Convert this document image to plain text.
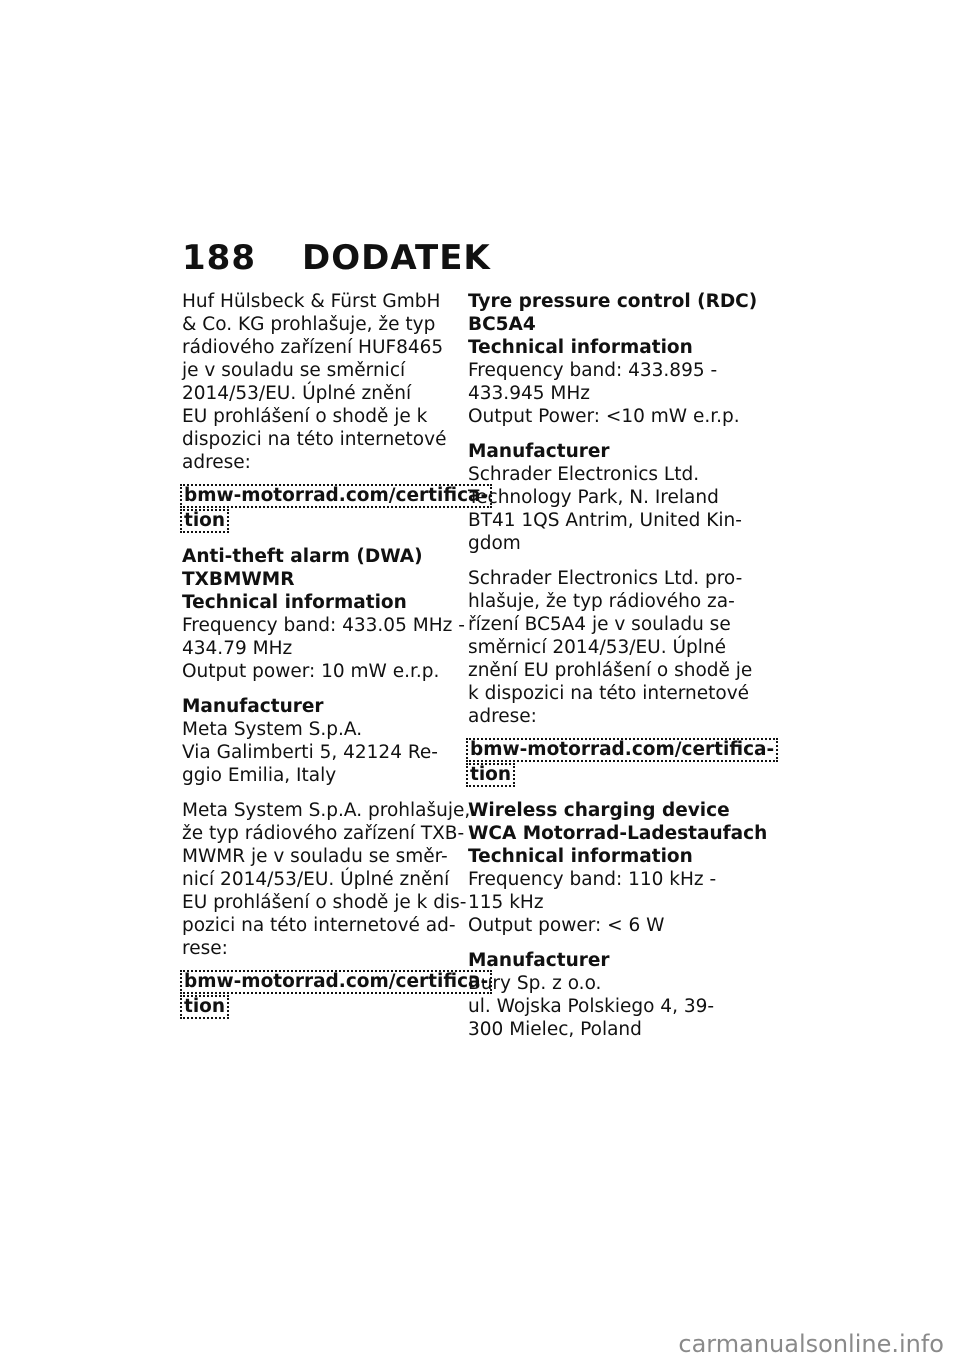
188 DODATEK
Huf Hülsbeck & Fürst GmbH
& Co. KG prohlašuje, že typ
rádiového zařízení HUF8465
je v souladu se směrnicí
2014/53/EU. Úplné znění
EU prohlášení o shodě je k
dispozici na této internetové
adrese:
bmw-motorrad.com/certifica-
tion
Anti-theft alarm (DWA)
TXBMWMR
Technical information
Frequency band: 433.05 MHz -
434.79 MHz
Output power: 10 mW e.r.p.
Manufacturer
Meta System S.p.A.
Via Galimberti 5, 42124 Re-
ggio Emilia, Italy
Meta System S.p.A. prohlašuje,
že typ rádiového zařízení TXB-
MWMR je v souladu se směr-
nicí 2014/53/EU. Úplné znění
EU prohlášení o shodě je k dis-
pozici na této internetové ad-
rese:
bmw-motorrad.com/certifica-
tion
Tyre pressure control (RDC)
BC5A4
Technical information
Frequency band: 433.895 -
433.945 MHz
Output Power: <10 mW e.r.p.
Manufacturer
Schrader Electronics Ltd.
Technology Park, N. Ireland
BT41 1QS Antrim, United Kin-
gdom
Schrader Electronics Ltd. pro-
hlašuje, že typ rádiového za-
řízení BC5A4 je v souladu se
směrnicí 2014/53/EU. Úplné
znění EU prohlášení o shodě je
k dispozici na této internetové
adrese:
bmw-motorrad.com/certifica-
tion
Wireless charging device
WCA Motorrad-Ladestaufach
Technical information
Frequency band: 110 kHz -
115 kHz
Output power: < 6 W
Manufacturer
Bury Sp. z o.o.
ul. Wojska Polskiego 4, 39-
300 Mielec, Poland
carmanualsonline.info
